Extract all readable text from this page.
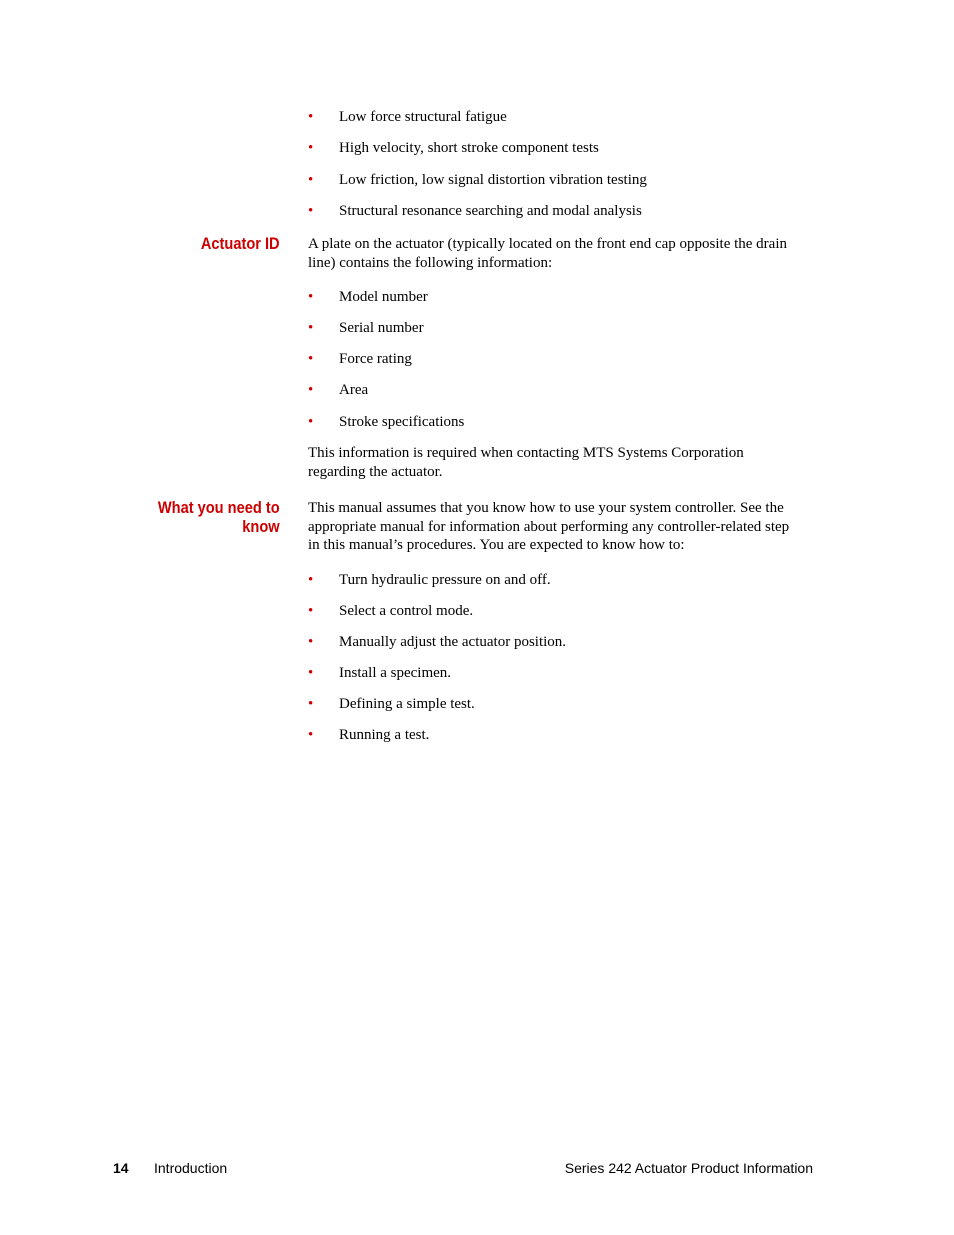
• Low force structural fatigue
• High velocity, short stroke component tests
• Low friction, low signal distortion vibration testing
• Structural resonance searching and modal analysis
Actuator ID A plate on the actuator (typically located on the front end cap opposite the drain
line) contains the following information:
• Model number
• Serial number
• Force rating
• Area
• Stroke specifications
This information is required when contacting MTS Systems Corporation
regarding the actuator.
What you need to
know
This manual assumes that you know how to use your system controller. See the
appropriate manual for information about performing any controller-related step
in this manual’s procedures. You are expected to know how to:
• Turn hydraulic pressure on and off.
• Select a control mode.
• Manually adjust the actuator position.
• Install a specimen.
• Defining a simple test.
• Running a test.
14 Introduction	Series 242 Actuator Product Information
